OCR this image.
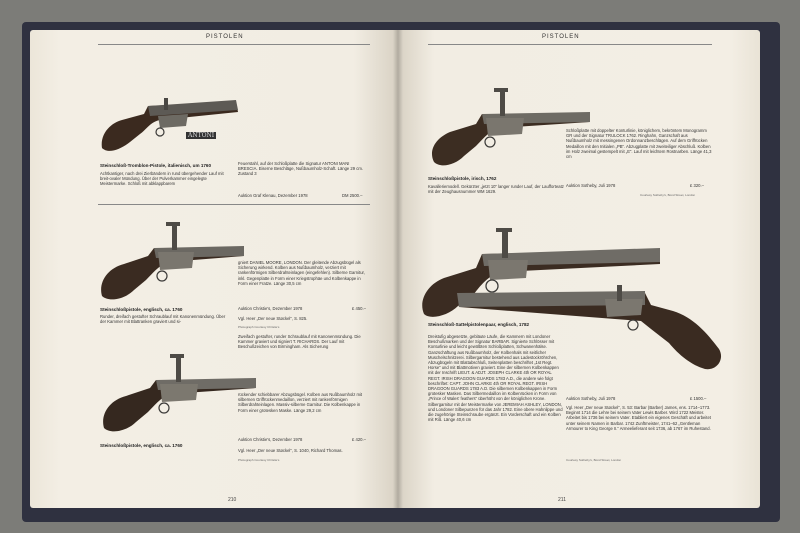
PISTOLEN
ANTONI
Steinschloß-Tromblon-Pistole, italienisch, um 1760
Achtkantiger, nach drei Zierbändern in rund übergehender Lauf mit breit-ovaler Mündung. Über der Pulverkammer eingelegte Meistermarke. Schloß mit abklappbarem
Feuerstahl, auf der Schloßplatte die Signatur ANTONI MANI BRESCIA. Eiserne Beschläge, Nußbaumholz-Schaft. Länge 29 cm. Zustand 3
Auktion Graf Klenau, Dezember 1978	DM 2500.–
gniert DANIEL MOORE, LONDON. Der gleitende Abzugsbügel als Sicherung wirkend. Kolben aus Nußbaumholz, verziert mit rankenförmigen Silberdrahteinlagen (eingefehlen). Silberne Garnitur, inkl. Gegenplatte in Form einer Kriegstrophäe und Kolbenkappe in Form einer Fratze. Länge 30,5 cm
Steinschloßpistole, englisch, ca. 1760	Auktion Christie's, Dezember 1978	£ 450.–
Runder, dreifach gestufter Schraublauf mit Kanonenmündung. Über der Kammer mit Blattranken graviert und si-
Vgl. Heer „Der neue Støckel“, S. 825.
Photograph Courtesy Christie's
Zweifach gestufter, runder Schraublauf mit Kanonenmündung. Die Kammer graviert und signiert T. RICHARDS. Der Lauf mit Beschußzeichen von Birmingham. Als Sicherung
rückender schiebbarer Abzugsbügel. Kolben aus Nußbaumholz mit silbernen Griffrückenmedaillon, verziert mit rankenförmigen Silberdrahteinlagen. Massiv-silberne Garnitur. Die Kolbenkappe in Form einer grotesken Maske. Länge 29,2 cm
Auktion Christie's, Dezember 1978	£ 420.–
Steinschloßpistole, englisch, ca. 1760
Vgl. Heer „Der neue Støckel“, S. 1040, Richard Thomas.
Photograph Courtesy Christie's
210
PISTOLEN
Schloßplatte mit doppelter Konturlinie, königlichem, bekröntem Monogramm GR und der Signatur TRULOCK 1762. Ringhahn, Ganzschaft aus Nußbaumholz mit messingenen Ordonnanzbeschlägen. Auf dem Griffrücken Medaillon mit den Initialen „PB“. Abzugplatte mit zweiteiliger Abschluß. Kolben im Holz zweimal gestempelt mit „E“. Lauf mit leichtem Rostnarben. Länge 41,3 cm
Steinschloßpistole, irisch, 1762
Auktion Sotheby, Juli 1978	£ 320.–
Kavalleriemodell. Gekürzter „jetzt 10“ langer runder Lauf, der Laufforteatz mit der Zeughausnummer WM 1629.
Courtesy Sotheby's, Bond Street, London
Steinschloß-Sattelpistolenpaar, englisch, 1782
Dreistufig abgesetzte, gebläute Läufe, die Kammern mit Londoner Beschußmarken und der Signatur BARBAR. Signierte Schlösser mit Konturlinie und leicht gewölbten Schloßplatten, Schwanenhälse. Ganzschäftung aus Nußbaumholz, der Kolbenhals mit seitlicher Muschelschnitzerei. Silbergarnitur bestehend aus Ladestockröhrchen, Abzugbügeln mit Blattabschluß, Seitenplatten beschriftet „1st Regt. Horse“ und mit Blattmotiven graviert. Eine der silbernen Kolbenkappen mit der Inschrift LIEUT. & ADJT. JOSEPH CLARKE 4th OR ROYAL REGT. IRISH DRAGOON GUARDS 1783 A.D., die andere wie folgt beschriftet: CAPT. JOHN CLARKE 4th OR ROYAL REGT. IRISH DRAGOON GUARDS 1783 A.D. Die silbernen Kolbenkappen in Form grotesker Masken. Das Silbermedaillon im Kolbenrücken in Form von „Prince of Wales' feathers“ überhöht von der königlichen Krone. Silbergarnitur mit der Meistermarke von JEREMIAH ASHLEY, LONDON, und Londoner Silbepunzen für das Jahr 1782. Eine obere Hahnlippe und die zugehörige Steinschraube ergänzt. Ein Vorderschaft und ein Kolben mit Riß. Länge 40,6 cm
Auktion Sotheby, Juli 1978	£ 1500.–
Vgl. Heer „Der neue Støckel“, S. 53: Barbar (Barber) James, ens. 1714–1773. Beginnt 1714 die Lehre bei seinem Vater Lewis Barber. Wird 1722 Meister. Arbeitet bis 1736 bei seinem Vater. Etabliert ein eigenes Geschäft und arbeitet unter seinem Namen in Barbar. 1742 Zunftmeister, 1741–62 „Gentleman Armourer to King George II.“ Armeelieferant seit 1736, ab 1767 im Ruhestand.
Courtesy Sotheby's, Bond Street, London
211
